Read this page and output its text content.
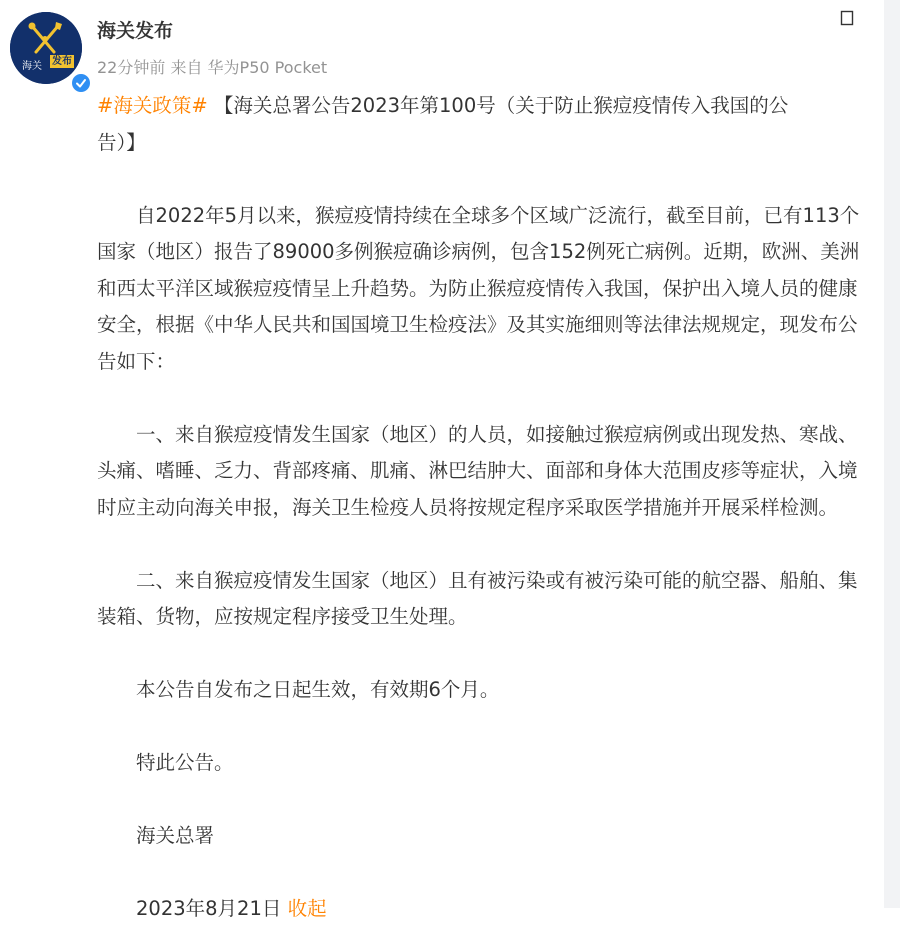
海关 发布
海关发布
22分钟前 来自 华为P50 Pocket

#海关政策# 【海关总署公告2023年第100号（关于防止猴痘疫情传入我国的公
告）】

自2022年5月以来，猴痘疫情持续在全球多个区域广泛流行，截至目前，已有113个国家（地区）报告了89000多例猴痘确诊病例，包含152例死亡病例。近期，欧洲、美洲和西太平洋区域猴痘疫情呈上升趋势。为防止猴痘疫情传入我国，保护出入境人员的健康安全，根据《中华人民共和国国境卫生检疫法》及其实施细则等法律法规规定，现发布公告如下：

一、来自猴痘疫情发生国家（地区）的人员，如接触过猴痘病例或出现发热、寒战、头痛、嗜睡、乏力、背部疼痛、肌痛、淋巴结肿大、面部和身体大范围皮疹等症状，入境时应主动向海关申报，海关卫生检疫人员将按规定程序采取医学措施并开展采样检测。

二、来自猴痘疫情发生国家（地区）且有被污染或有被污染可能的航空器、船舶、集装箱、货物，应按规定程序接受卫生处理。

本公告自发布之日起生效，有效期6个月。

特此公告。

海关总署

2023年8月21日 收起
